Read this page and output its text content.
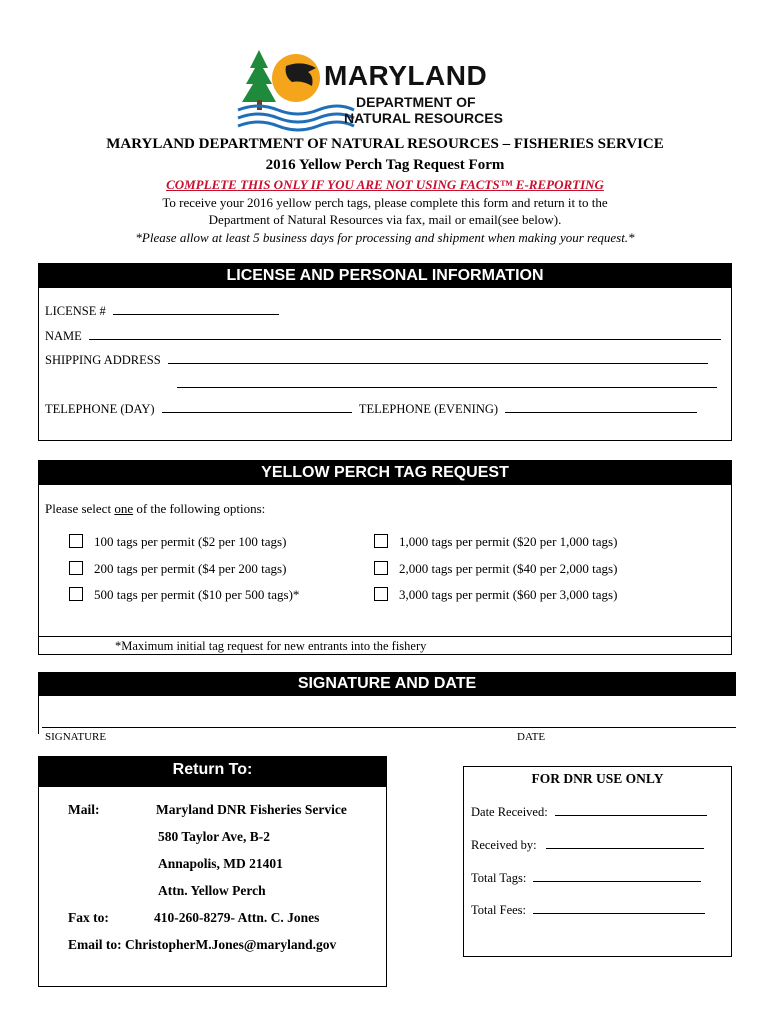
MARYLAND
DEPARTMENT OF
NATURAL RESOURCES
MARYLAND DEPARTMENT OF NATURAL RESOURCES – FISHERIES SERVICE
2016 Yellow Perch Tag Request Form
COMPLETE THIS ONLY IF YOU ARE NOT USING FACTS™ E-REPORTING
To receive your 2016 yellow perch tags, please complete this form and return it to the
Department of Natural Resources via fax, mail or email(see below).
*Please allow at least 5 business days for processing and shipment when making your request.*
LICENSE AND PERSONAL INFORMATION
LICENSE #
NAME
SHIPPING ADDRESS
TELEPHONE (DAY)	TELEPHONE (EVENING)
YELLOW PERCH TAG REQUEST
Please select one of the following options:
100 tags per permit ($2 per 100 tags)
200 tags per permit ($4 per 200 tags)
500 tags per permit ($10 per 500 tags)*
1,000 tags per permit ($20 per 1,000 tags)
2,000 tags per permit ($40 per 2,000 tags)
3,000 tags per permit ($60 per 3,000 tags)
*Maximum initial tag request for new entrants into the fishery
SIGNATURE AND DATE
SIGNATURE	DATE
Return To:
Mail:	Maryland DNR Fisheries Service
580 Taylor Ave, B-2
Annapolis, MD 21401
Attn. Yellow Perch
Fax to:	410-260-8279- Attn. C. Jones
Email to: ChristopherM.Jones@maryland.gov
FOR DNR USE ONLY
Date Received:
Received by:
Total Tags:
Total Fees:
